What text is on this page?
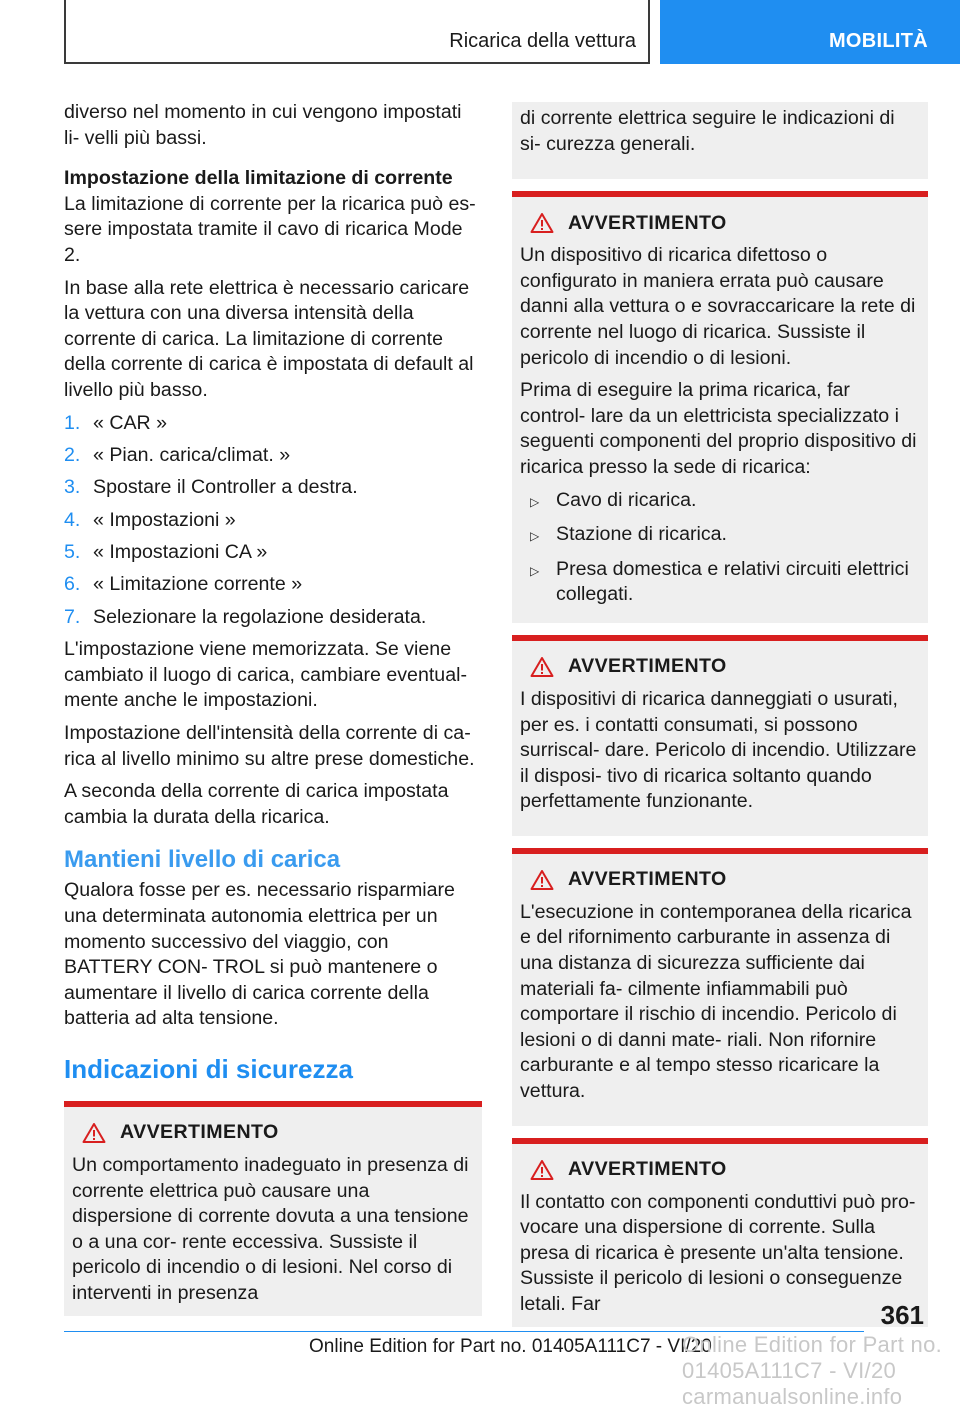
Ricarica della vettura	MOBILITÀ

diverso nel momento in cui vengono impostati li- velli più bassi.

Impostazione della limitazione di corrente

La limitazione di corrente per la ricarica può es- sere impostata tramite il cavo di ricarica Mode 2.

In base alla rete elettrica è necessario caricare la vettura con una diversa intensità della corrente di carica. La limitazione di corrente della corrente di carica è impostata di default al livello più basso.

1. « CAR »
2. « Pian. carica/climat. »
3. Spostare il Controller a destra.
4. « Impostazioni »
5. « Impostazioni CA »
6. « Limitazione corrente »
7. Selezionare la regolazione desiderata.

L'impostazione viene memorizzata. Se viene cambiato il luogo di carica, cambiare eventual- mente anche le impostazioni.

Impostazione dell'intensità della corrente di ca- rica al livello minimo su altre prese domestiche.

A seconda della corrente di carica impostata cambia la durata della ricarica.

Mantieni livello di carica

Qualora fosse per es. necessario risparmiare una determinata autonomia elettrica per un momento successivo del viaggio, con BATTERY CON- TROL si può mantenere o aumentare il livello di carica corrente della batteria ad alta tensione.

Indicazioni di sicurezza
AVVERTIMENTO

Un comportamento inadeguato in presenza di corrente elettrica può causare una dispersione di corrente dovuta a una tensione o a una cor- rente eccessiva. Sussiste il pericolo di incendio o di lesioni. Nel corso di interventi in presenza

di corrente elettrica seguire le indicazioni di si- curezza generali.

AVVERTIMENTO

Un dispositivo di ricarica difettoso o configurato in maniera errata può causare danni alla vettura o e sovraccaricare la rete di corrente nel luogo di ricarica. Sussiste il pericolo di incendio o di lesioni.

Prima di eseguire la prima ricarica, far control- lare da un elettricista specializzato i seguenti componenti del proprio dispositivo di ricarica presso la sede di ricarica:

▷ Cavo di ricarica.
▷ Stazione di ricarica.
▷ Presa domestica e relativi circuiti elettrici collegati.
AVVERTIMENTO

I dispositivi di ricarica danneggiati o usurati, per es. i contatti consumati, si possono surriscal- dare. Pericolo di incendio. Utilizzare il disposi- tivo di ricarica soltanto quando perfettamente funzionante.

AVVERTIMENTO

L'esecuzione in contemporanea della ricarica e del rifornimento carburante in assenza di una distanza di sicurezza sufficiente dai materiali fa- cilmente infiammabili può comportare il rischio di incendio. Pericolo di lesioni o di danni mate- riali. Non rifornire carburante e al tempo stesso ricaricare la vettura.

AVVERTIMENTO

Il contatto con componenti conduttivi può pro- vocare una dispersione di corrente. Sulla presa di ricarica è presente un'alta tensione. Sussiste il pericolo di lesioni o conseguenze letali. Far	361
Online Edition for Part no. 01405A111C7 - VI/20
Online Edition for Part no. 01405A111C7 - VI/20 carmanualsonline.info
